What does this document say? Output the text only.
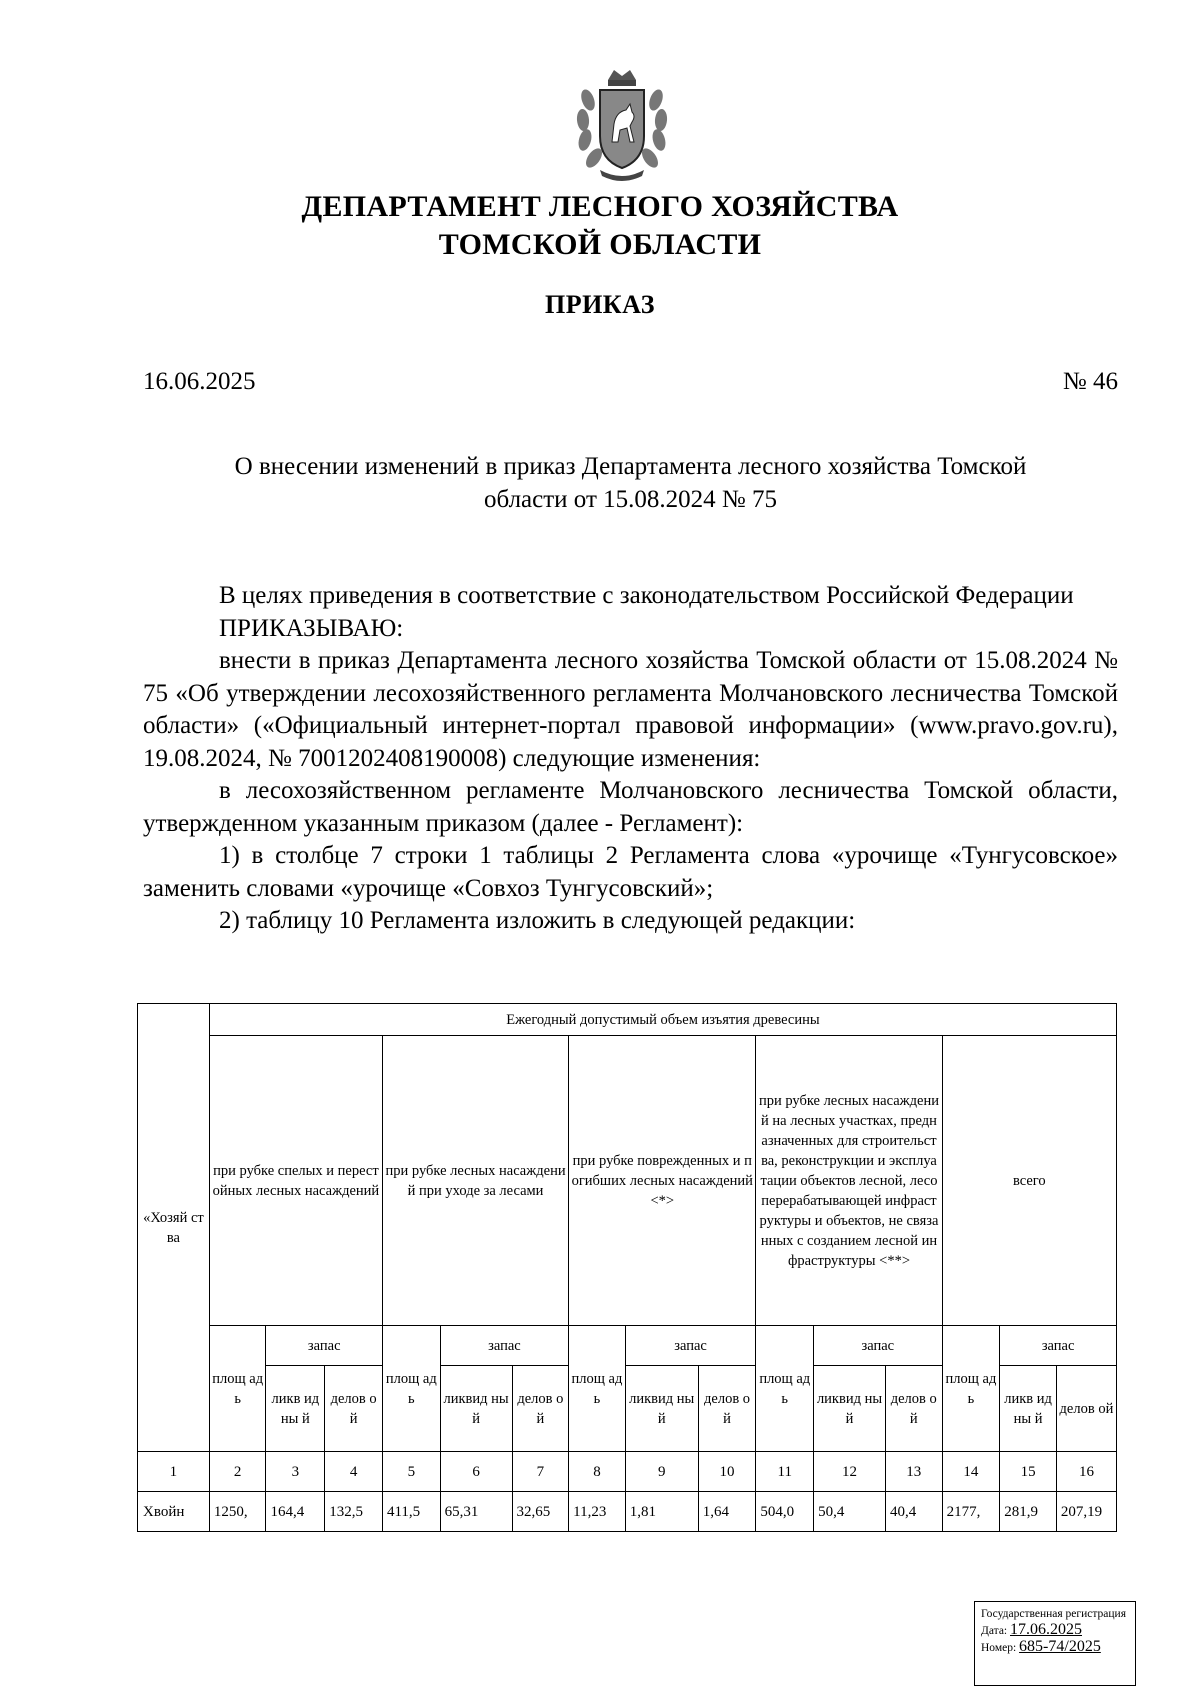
ДЕПАРТАМЕНТ ЛЕСНОГО ХОЗЯЙСТВА
ТОМСКОЙ ОБЛАСТИ
ПРИКАЗ
16.06.2025	№ 46
О внесении изменений в приказ Департамента лесного хозяйства Томской
области от 15.08.2024 № 75

В целях приведения в соответствие с законодательством Российской Федерации

ПРИКАЗЫВАЮ:

внести в приказ Департамента лесного хозяйства Томской области от 15.08.2024 № 75 «Об утверждении лесохозяйственного регламента Молчановского лесничества Томской области» («Официальный интернет-портал правовой информации» (www.pravo.gov.ru), 19.08.2024, № 7001202408190008) следующие изменения:

в лесохозяйственном регламенте Молчановского лесничества Томской области, утвержденном указанным приказом (далее - Регламент):

1) в столбце 7 строки 1 таблицы 2 Регламента слова «урочище «Тунгусовское» заменить словами «урочище «Совхоз Тунгусовский»;

2) таблицу 10 Регламента изложить в следующей редакции:

«Хозяй ства	Ежегодный допустимый объем изъятия древесины														
	при рубке спелых и перестойных лесных насаждений			при рубке лесных насаждений при уходе за лесами			при рубке поврежденных и погибших лесных насаждений <*>			при рубке лесных насаждений на лесных участках, предназначенных для строительства, реконструкции и эксплуатации объектов лесной, лесоперерабатывающей инфраструктуры и объектов, не связанных с созданием лесной инфраструктуры <**>			всего		
	площ адь	запас		площ адь	запас		площ адь	запас		площ адь	запас		площ адь	запас	
		ликв идны й	делов ой		ликвид ный	делов ой		ликвид ный	делов ой		ликвид ный	делов ой		ликв идны й	делов ой
1	2	3	4	5	6	7	8	9	10	11	12	13	14	15	16
Хвойн	1250,	164,4	132,5	411,5	65,31	32,65	11,23	1,81	1,64	504,0	50,4	40,4	2177,	281,9	207,19
Государственная регистрация
Дата: 17.06.2025
Номер: 685-74/2025
